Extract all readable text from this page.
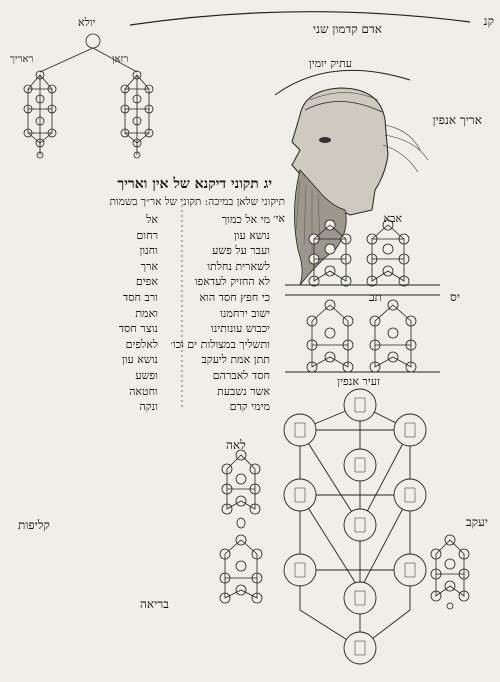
קנ
אדם קדמון שני
עתיק יומין
אריך אנפין
אבא
אי׳
תב	יס
זעיר אנפין
לאה
יעקב
קליפות
בריאה
יולא
ראריך	רזאן
יג תקוני דיקנא של אין ואריך
תיקוני שלאן במיכה: תקוני של אר״ך בשמות
מי אל כמוך
אל
נושא עון
רחום
ועבר על פשע
וחנון
לשארית נחלתו
ארך
לא החזיק לעדאפו
אפים
כי חפץ חסד הוא
ורב חסד
ישוב ירחמנו
ואמת
יכבוש עונותינו
נוצר חסד
ותשליך במצולות ים וכו׳
לאלפים
תתן אמת ליעקב
נושא עון
חסד לאברהם
ופשע
אשר נשבעת
וחטאה
מימי קדם
ונקה
